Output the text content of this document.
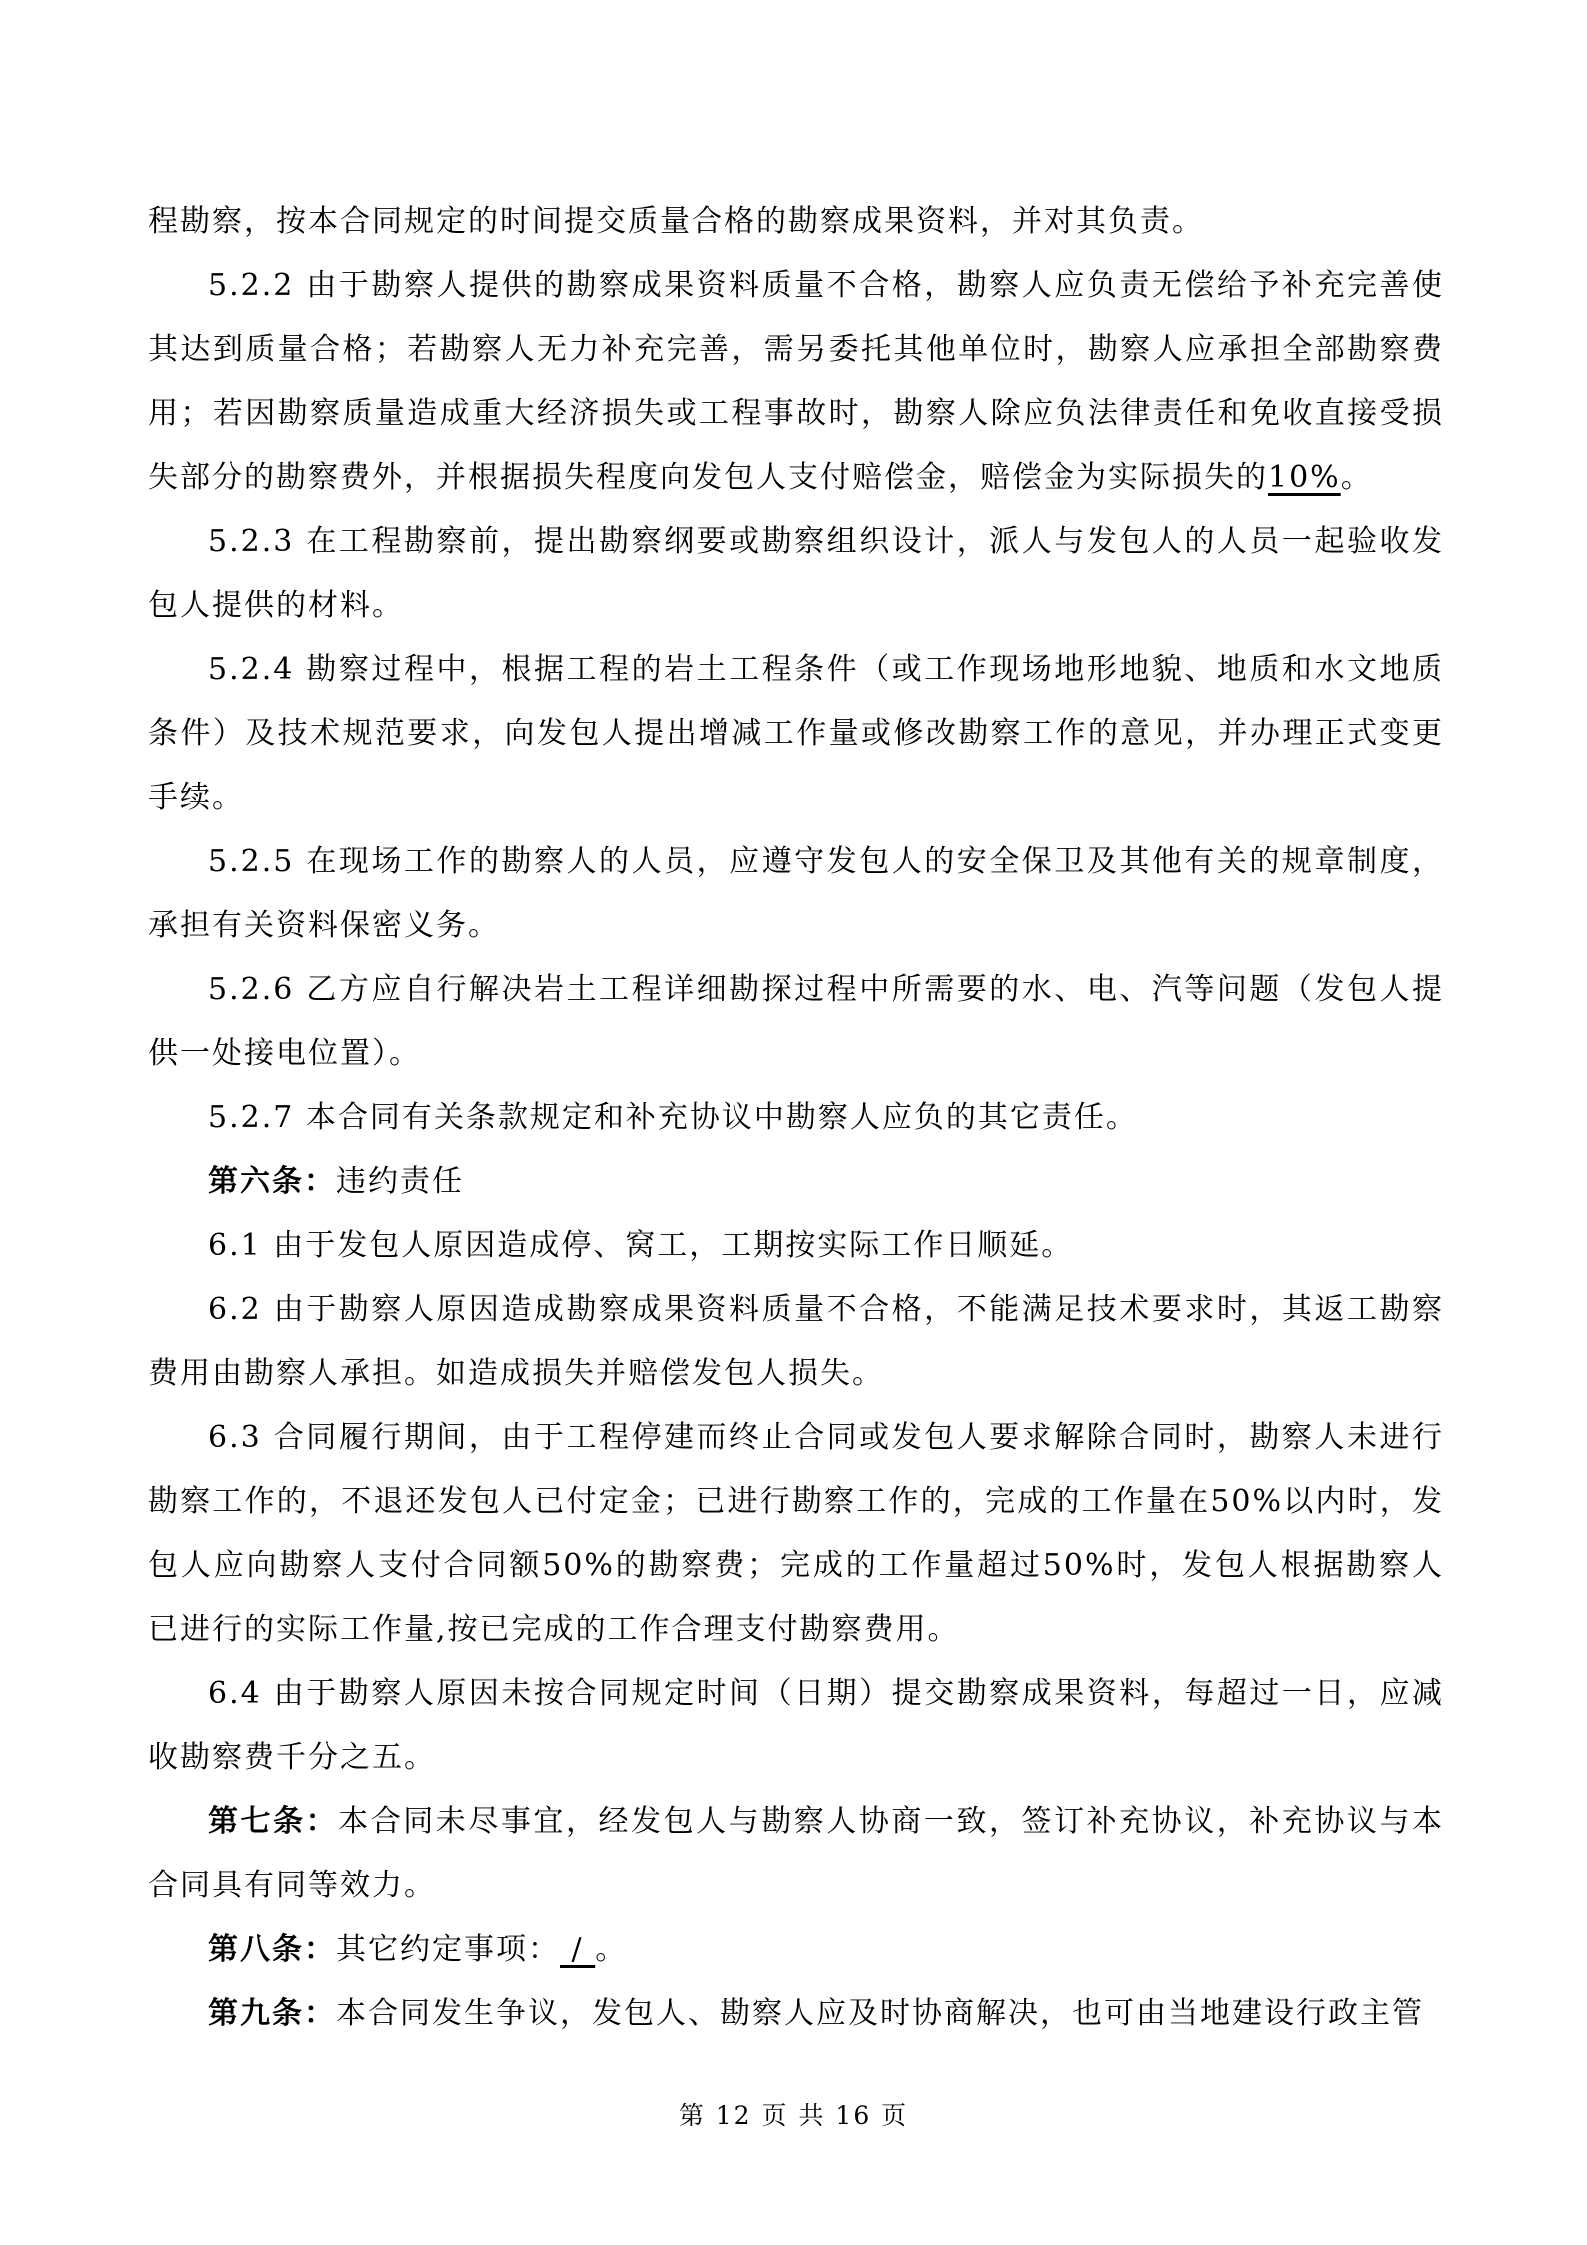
程勘察，按本合同规定的时间提交质量合格的勘察成果资料，并对其负责。

5.2.2 由于勘察人提供的勘察成果资料质量不合格，勘察人应负责无偿给予补充完善使其达到质量合格；若勘察人无力补充完善，需另委托其他单位时，勘察人应承担全部勘察费用；若因勘察质量造成重大经济损失或工程事故时，勘察人除应负法律责任和免收直接受损失部分的勘察费外，并根据损失程度向发包人支付赔偿金，赔偿金为实际损失的10%。

5.2.3 在工程勘察前，提出勘察纲要或勘察组织设计，派人与发包人的人员一起验收发包人提供的材料。

5.2.4 勘察过程中，根据工程的岩土工程条件（或工作现场地形地貌、地质和水文地质条件）及技术规范要求，向发包人提出增减工作量或修改勘察工作的意见，并办理正式变更手续。

5.2.5 在现场工作的勘察人的人员，应遵守发包人的安全保卫及其他有关的规章制度，承担有关资料保密义务。

5.2.6 乙方应自行解决岩土工程详细勘探过程中所需要的水、电、汽等问题（发包人提供一处接电位置）。

5.2.7 本合同有关条款规定和补充协议中勘察人应负的其它责任。

第六条：违约责任

6.1 由于发包人原因造成停、窝工，工期按实际工作日顺延。

6.2 由于勘察人原因造成勘察成果资料质量不合格，不能满足技术要求时，其返工勘察费用由勘察人承担。如造成损失并赔偿发包人损失。

6.3 合同履行期间，由于工程停建而终止合同或发包人要求解除合同时，勘察人未进行勘察工作的，不退还发包人已付定金；已进行勘察工作的，完成的工作量在50%以内时，发包人应向勘察人支付合同额50%的勘察费；完成的工作量超过50%时，发包人根据勘察人已进行的实际工作量,按已完成的工作合理支付勘察费用。

6.4 由于勘察人原因未按合同规定时间（日期）提交勘察成果资料，每超过一日，应减收勘察费千分之五。

第七条：本合同未尽事宜，经发包人与勘察人协商一致，签订补充协议，补充协议与本合同具有同等效力。

第八条：其它约定事项： / 。

第九条：本合同发生争议，发包人、勘察人应及时协商解决，也可由当地建设行政主管

第 12 页 共 16 页
